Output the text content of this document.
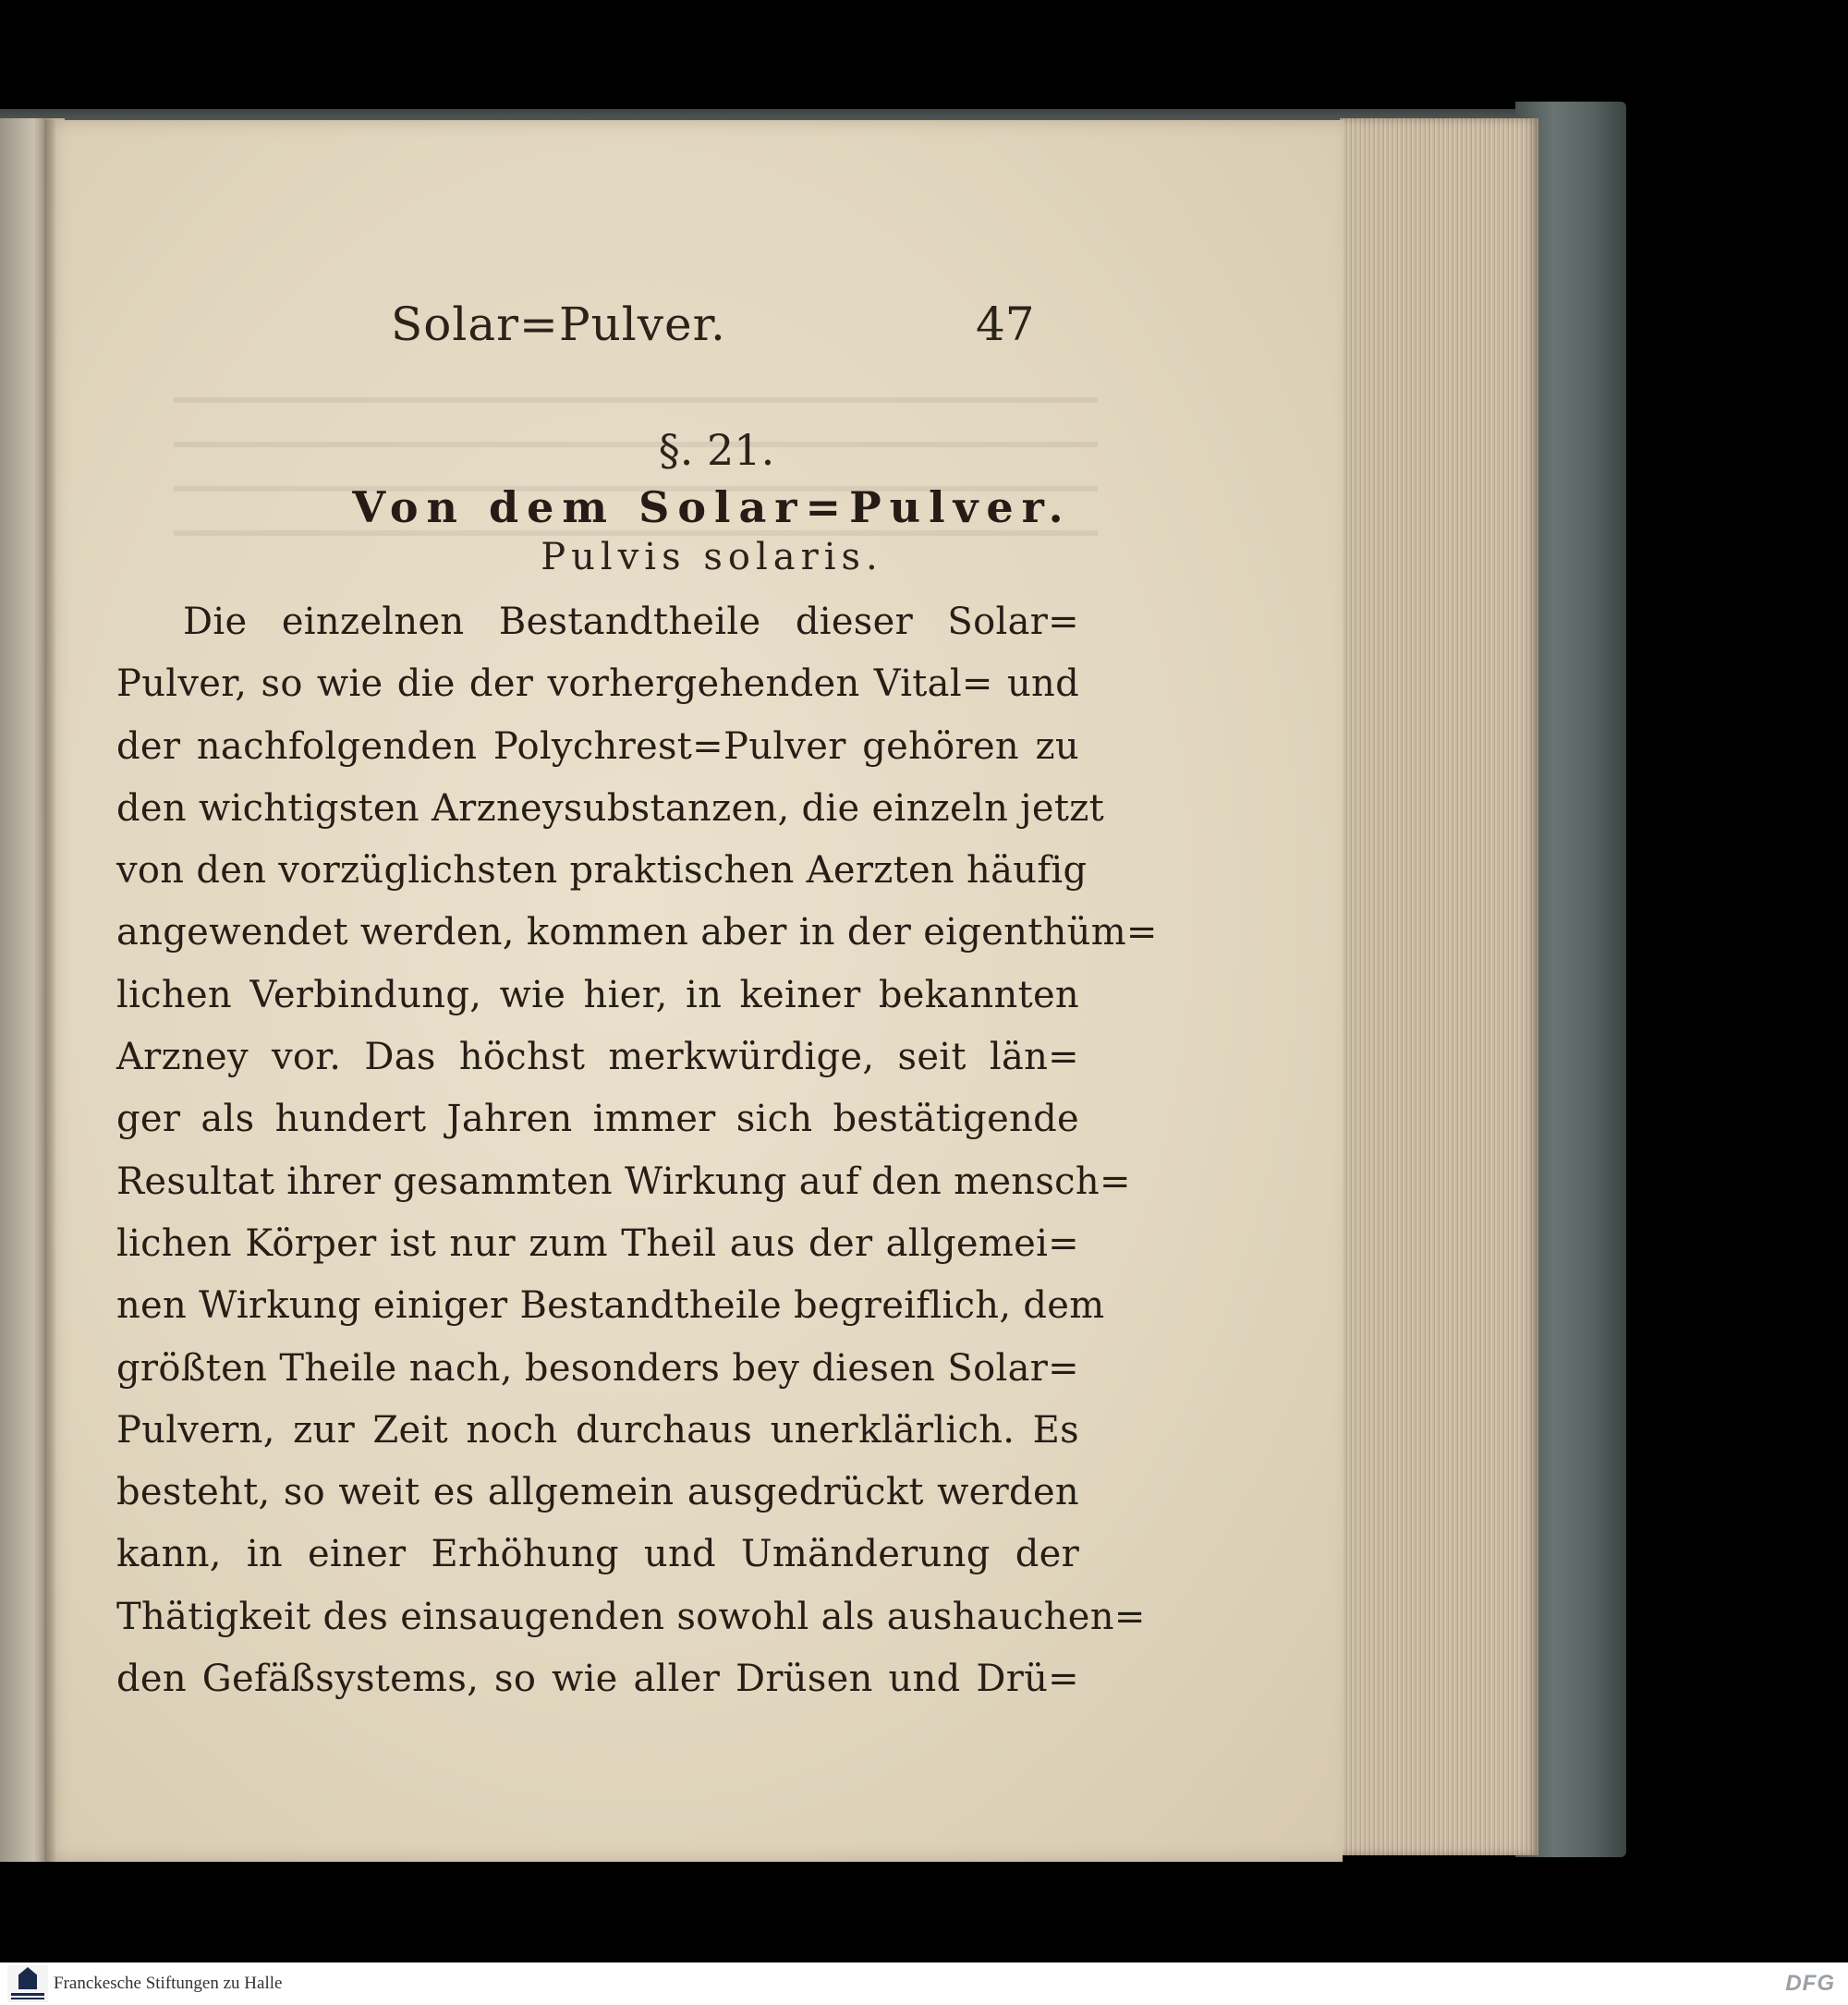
Solar=Pulver.	47
§. 21.
Von dem Solar=Pulver.
Pulvis solaris.
Die einzelnen Bestandtheile dieser Solar=
Pulver, so wie die der vorhergehenden Vital= und
der nachfolgenden Polychrest=Pulver gehören zu
den wichtigsten Arzneysubstanzen, die einzeln jetzt
von den vorzüglichsten praktischen Aerzten häufig
angewendet werden, kommen aber in der eigenthüm=
lichen Verbindung, wie hier, in keiner bekannten
Arzney vor. Das höchst merkwürdige, seit län=
ger als hundert Jahren immer sich bestätigende
Resultat ihrer gesammten Wirkung auf den mensch=
lichen Körper ist nur zum Theil aus der allgemei=
nen Wirkung einiger Bestandtheile begreiflich, dem
größten Theile nach, besonders bey diesen Solar=
Pulvern, zur Zeit noch durchaus unerklärlich. Es
besteht, so weit es allgemein ausgedrückt werden
kann, in einer Erhöhung und Umänderung der
Thätigkeit des einsaugenden sowohl als aushauchen=
den Gefäßsystems, so wie aller Drüsen und Drü=
Franckesche Stiftungen zu Halle	DFG
